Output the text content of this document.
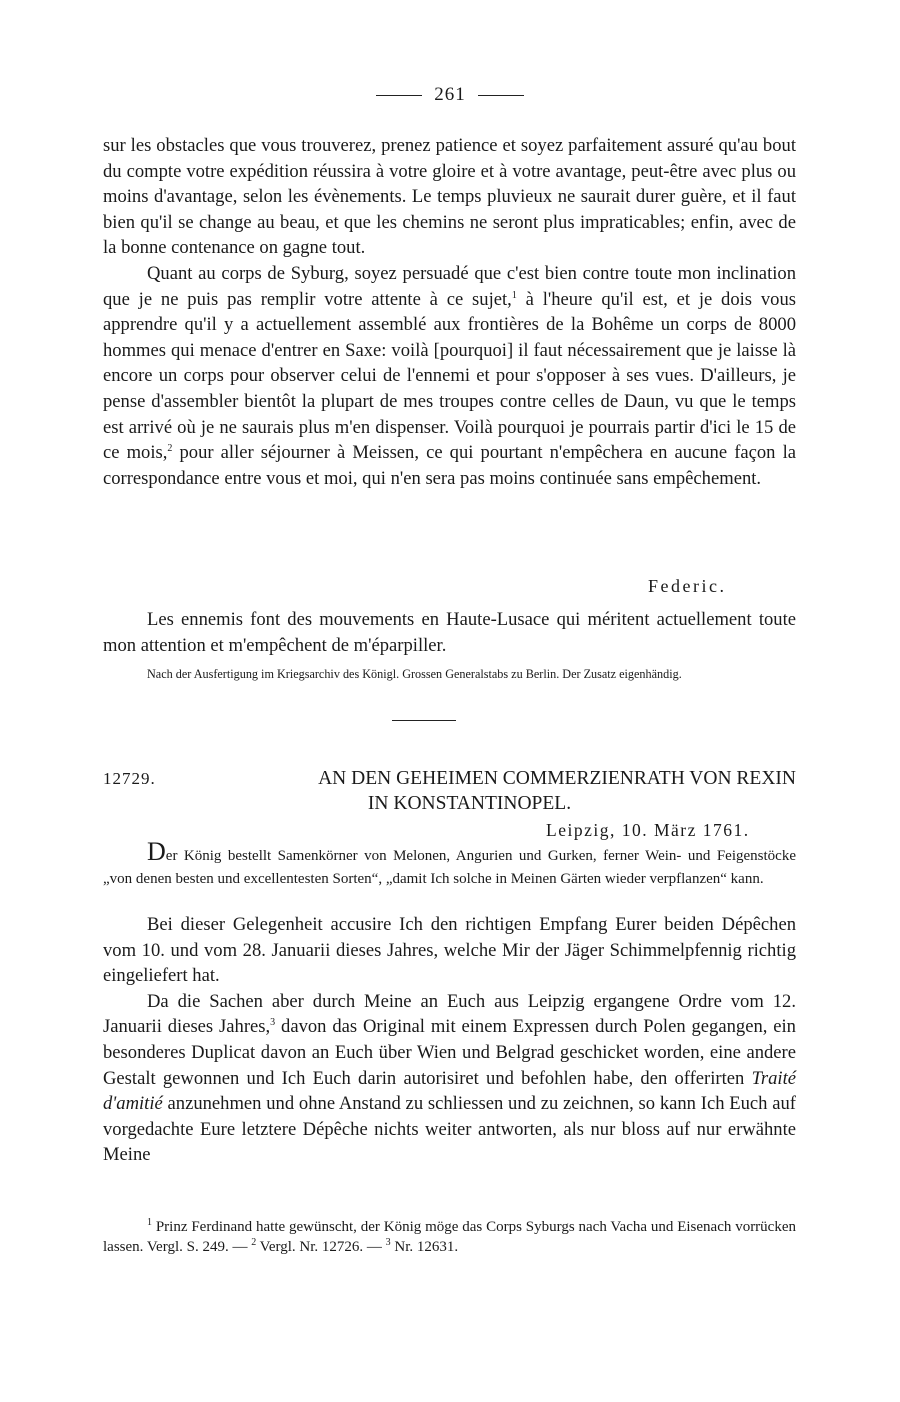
261

sur les obstacles que vous trouverez, prenez patience et soyez parfaitement assuré qu'au bout du compte votre expédition réussira à votre gloire et à votre avantage, peut-être avec plus ou moins d'avantage, selon les évènements. Le temps pluvieux ne saurait durer guère, et il faut bien qu'il se change au beau, et que les chemins ne seront plus impraticables; enfin, avec de la bonne contenance on gagne tout.

Quant au corps de Syburg, soyez persuadé que c'est bien contre toute mon inclination que je ne puis pas remplir votre attente à ce sujet,$^1$ à l'heure qu'il est, et je dois vous apprendre qu'il y a actuellement assemblé aux frontières de la Bohême un corps de 8000 hommes qui menace d'entrer en Saxe: voilà [pourquoi] il faut nécessairement que je laisse là encore un corps pour observer celui de l'ennemi et pour s'opposer à ses vues. D'ailleurs, je pense d'assembler bientôt la plupart de mes troupes contre celles de Daun, vu que le temps est arrivé où je ne saurais plus m'en dispenser. Voilà pourquoi je pourrais partir d'ici le 15 de ce mois,$^2$ pour aller séjourner à Meissen, ce qui pourtant n'empêchera en aucune façon la correspondance entre vous et moi, qui n'en sera pas moins continuée sans empêchement.

Federic.

Les ennemis font des mouvements en Haute-Lusace qui méritent actuellement toute mon attention et m'empêchent de m'éparpiller.

Nach der Ausfertigung im Kriegsarchiv des Königl. Grossen Generalstabs zu Berlin. Der Zusatz eigenhändig.

12729.	AN DEN GEHEIMEN COMMERZIENRATH VON REXIN
IN KONSTANTINOPEL.
Leipzig, 10. März 1761.

Der König bestellt Samenkörner von Melonen, Angurien und Gurken, ferner Wein- und Feigenstöcke „von denen besten und excellentesten Sorten“, „damit Ich solche in Meinen Gärten wieder verpflanzen“ kann.

Bei dieser Gelegenheit accusire Ich den richtigen Empfang Eurer beiden Dépêchen vom 10. und vom 28. Januarii dieses Jahres, welche Mir der Jäger Schimmelpfennig richtig eingeliefert hat.

Da die Sachen aber durch Meine an Euch aus Leipzig ergangene Ordre vom 12. Januarii dieses Jahres,$^3$ davon das Original mit einem Expressen durch Polen gegangen, ein besonderes Duplicat davon an Euch über Wien und Belgrad geschicket worden, eine andere Gestalt gewonnen und Ich Euch darin autorisiret und befohlen habe, den offerirten Traité d'amitié anzunehmen und ohne Anstand zu schliessen und zu zeichnen, so kann Ich Euch auf vorgedachte Eure letztere Dépêche nichts weiter antworten, als nur bloss auf nur erwähnte Meine

$^1$ Prinz Ferdinand hatte gewünscht, der König möge das Corps Syburgs nach Vacha und Eisenach vorrücken lassen. Vergl. S. 249. — $^2$ Vergl. Nr. 12726. — $^3$ Nr. 12631.
